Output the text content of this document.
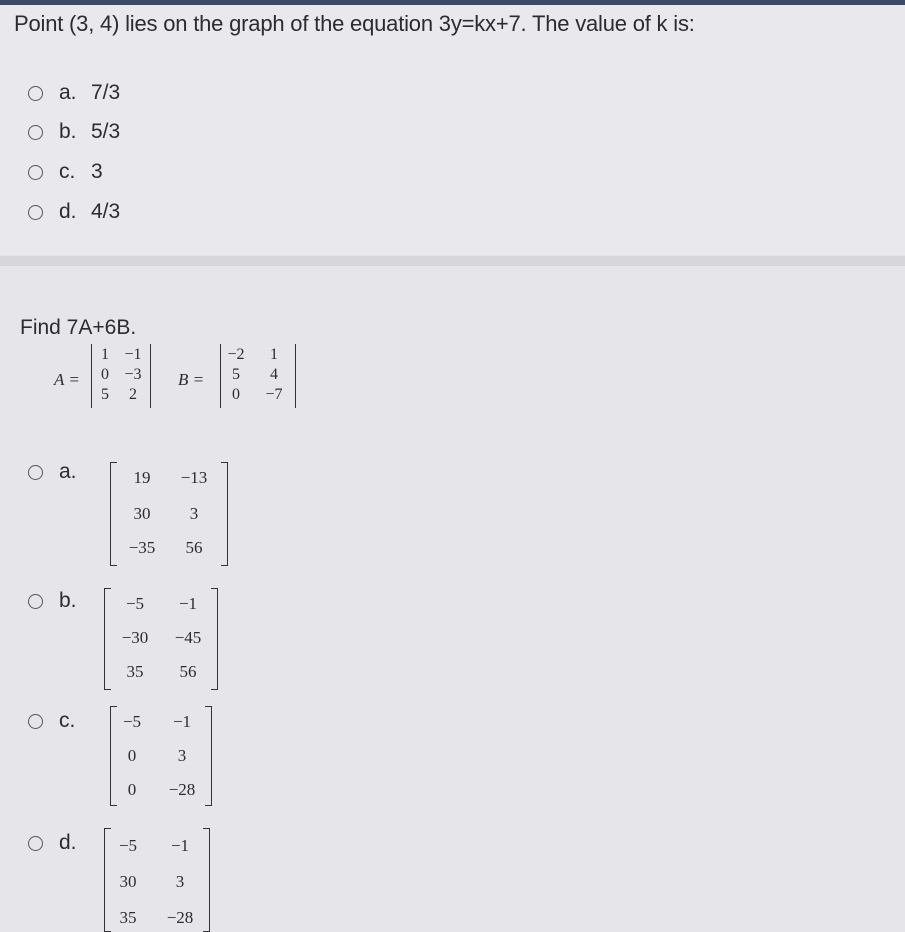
Point (3, 4) lies on the graph of the equation 3y=kx+7. The value of k is:
a. 7/3
b. 5/3
c. 3
d. 4/3
Find 7A+6B.
A =
1 −1
0 −3
5	2
B =
−2	1
5	4
0	−7
a.	19	−13
30	3
−35	56
b.	−5	−1
−30	−45
35	56
c.	−5	−1
0	3
0	−28
d.	−5	−1
30	3
35	−28
